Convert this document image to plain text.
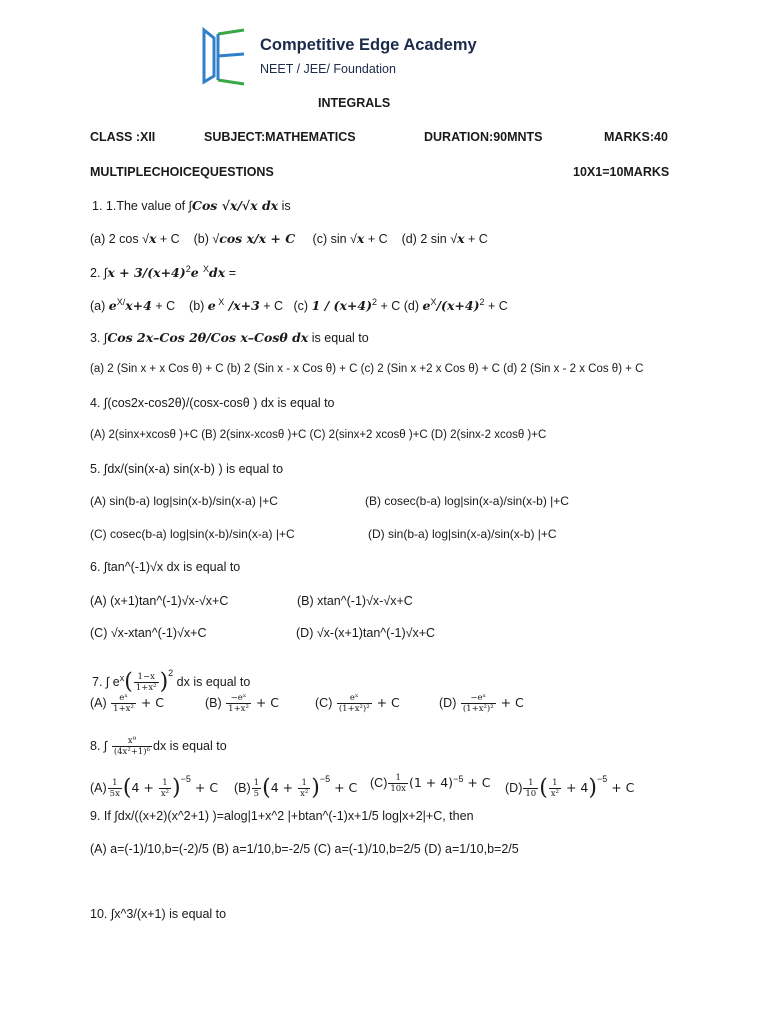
Competitive Edge Academy
NEET / JEE/ Foundation
INTEGRALS
CLASS :XII	SUBJECT:MATHEMATICS	DURATION:90MNTS	MARKS:40
MULTIPLECHOICEQUESTIONS	10X1=10MARKS
1. 1.The value of ∫Cos √x/√x dx is
(a) 2 cos √x + C (b) √cos x/x + C (c) sin √x + C (d) 2 sin √x + C
2. $\int x + 3/(x+4)^2e$ $^X$dx =
(a) $e^{X/}x+4 + C$ (b) e $^X$ /x+3 + C (c) $1 / (x+4)^2 + C$ (d) $e^X/(x+4)^2 + C$
3. ∫Cos 2x–Cos 2θ/Cos x–Cosθ dx is equal to
(a) 2 (Sin x + x Cos θ) + C (b) 2 (Sin x - x Cos θ) + C (c) 2 (Sin x +2 x Cos θ) + C (d) 2 (Sin x - 2 x Cos θ) + C
4. ∫(cos⁡⁡2x-cos⁡⁡2θ)/(cos⁡⁡x-cos⁡⁡θ ) dx is equal to
(A) 2(sin⁡⁡x+xcos⁡⁡θ )+C (B) 2(sin⁡⁡x-xcos⁡⁡θ )+C (C) 2(sin⁡⁡x+2 xcos⁡⁡θ )+C (D) 2(sin⁡⁡x-2 xcos⁡⁡θ )+C
5. ∫dx/(sin⁡⁡(x-a) sin⁡⁡(x-b) ) is equal to
(A) sin⁡⁡(b-a) log⁡⁡|sin⁡⁡(x-b)/sin⁡⁡(x-a) |+C	(B) cosec⁡⁡(b-a) log⁡⁡|sin⁡⁡(x-a)/sin⁡⁡(x-b) |+C
(C) cosec⁡⁡(b-a) log⁡⁡|sin⁡⁡(x-b)/sin⁡⁡(x-a) |+C	(D) sin⁡⁡(b-a) log⁡⁡|sin⁡⁡(x-a)/sin⁡⁡(x-b) |+C
6. ∫tan^(-1)⁡√x dx is equal to
(A) (x+1)tan^(-1)⁡√x-√x+C	(B) xtan^(-1)⁡√x-√x+C
(C) √x-xtan^(-1)⁡√x+C	(D) √x-(x+1)tan^(-1)⁡√x+C
7. ∫ $e^x( \frac{1-x}{\text{1+x²}} )^2$ dx is equal to
$(A) \frac{\text{eˣ}}{\text{1+x²}} + C$	$(B) \frac{\text{−eˣ}}{\text{1+x²}} + C$	$(C) \frac{\text{eˣ}}{\text{(1+x²)²}} + C$	$(D) \frac{\text{−eˣ}}{\text{(1+x²)²}} + C$
8. ∫ $\frac{\text{x⁹}}{\text{(4x²+1)⁶}}$ dx is equal to
$(A) \frac{1}{5x} (4 + \frac{1}{\text{x²}} )^{-5} + C$ $(B) \frac{1}{5} (4 + \frac{1}{\text{x²}} )^{-5} + C$ $(C) \frac{1}{10x} (1 + 4)^{-5} + C$ $(D) \frac{1}{10}$ ( $\frac{1}{\text{x²}} + 4)^{-5} + C$
9. If ∫dx/((x+2)(x^2+1) )=alog⁡⁡|1+x^2 |+btan^(-1)⁡⁡x+1/5 log⁡⁡|x+2|+C, then
(A) a=(-1)/10,b=(-2)/5 (B) a=1/10,b=-2/5 (C) a=(-1)/10,b=2/5 (D) a=1/10,b=2/5
10. ∫x^3/(x+1) is equal to
